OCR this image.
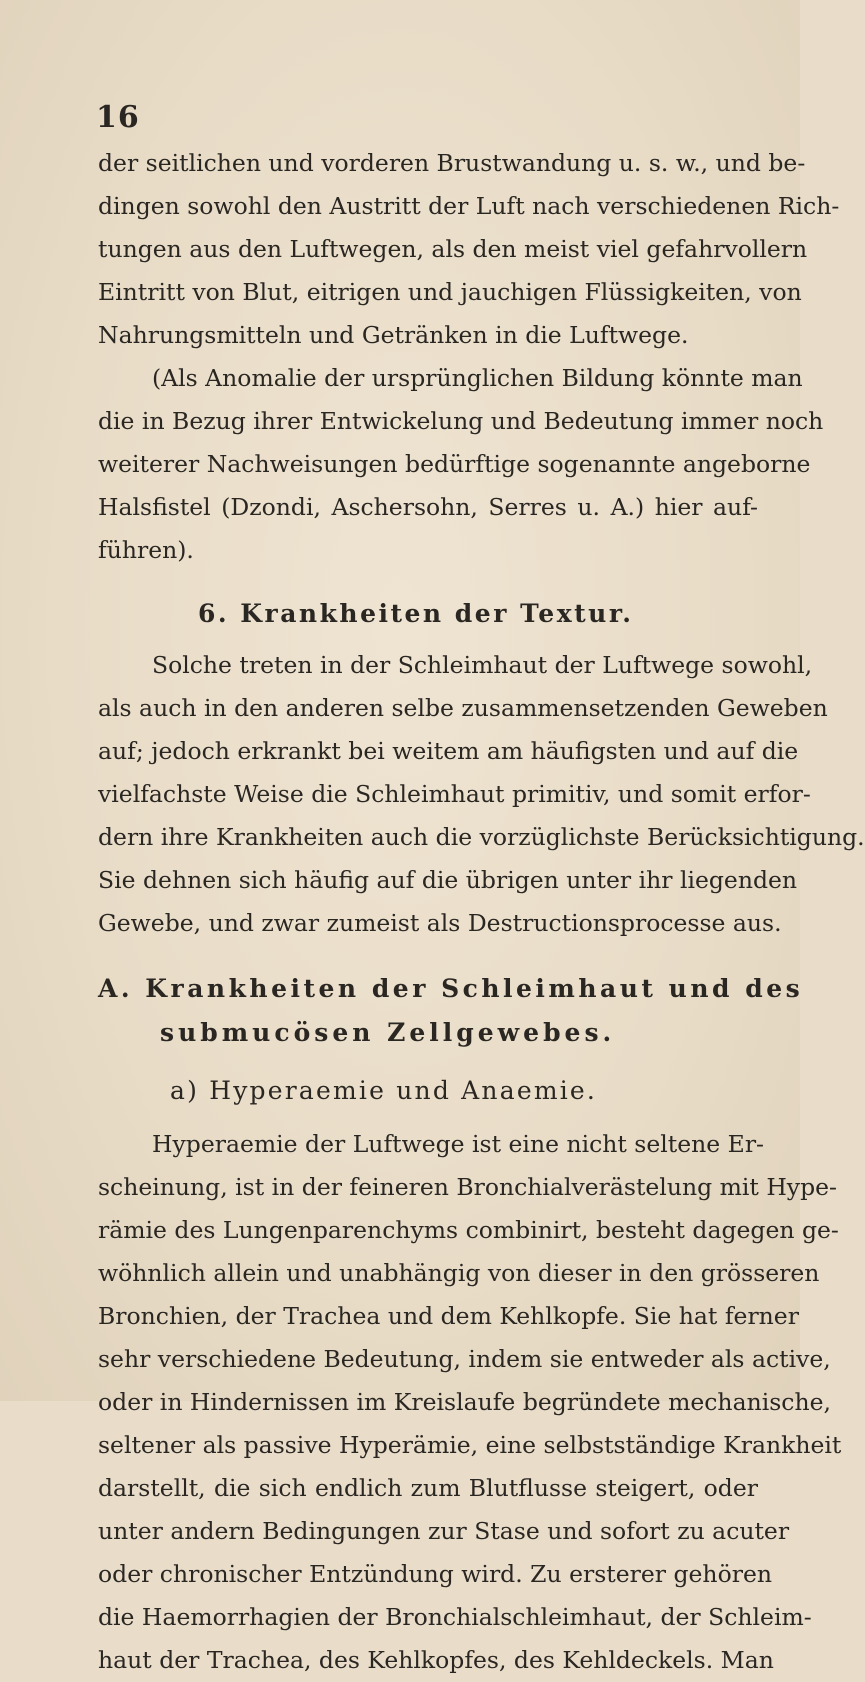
16
der seitlichen und vorderen Brustwandung u. s. w., und be-
dingen sowohl den Austritt der Luft nach verschiedenen Rich-
tungen aus den Luftwegen, als den meist viel gefahrvollern
Eintritt von Blut, eitrigen und jauchigen Flüssigkeiten, von
Nahrungsmitteln und Getränken in die Luftwege.
(Als Anomalie der ursprünglichen Bildung könnte man
die in Bezug ihrer Entwickelung und Bedeutung immer noch
weiterer Nachweisungen bedürftige sogenannte angeborne
Halsfistel (Dzondi, Aschersohn, Serres u. A.) hier auf-
führen).
6. Krankheiten der Textur.
Solche treten in der Schleimhaut der Luftwege sowohl,
als auch in den anderen selbe zusammensetzenden Geweben
auf; jedoch erkrankt bei weitem am häufigsten und auf die
vielfachste Weise die Schleimhaut primitiv, und somit erfor-
dern ihre Krankheiten auch die vorzüglichste Berücksichtigung.
Sie dehnen sich häufig auf die übrigen unter ihr liegenden
Gewebe, und zwar zumeist als Destructionsprocesse aus.
A. Krankheiten der Schleimhaut und des
submucösen Zellgewebes.
a) Hyperaemie und Anaemie.
Hyperaemie der Luftwege ist eine nicht seltene Er-
scheinung, ist in der feineren Bronchialverästelung mit Hype-
rämie des Lungenparenchyms combinirt, besteht dagegen ge-
wöhnlich allein und unabhängig von dieser in den grösseren
Bronchien, der Trachea und dem Kehlkopfe. Sie hat ferner
sehr verschiedene Bedeutung, indem sie entweder als active,
oder in Hindernissen im Kreislaufe begründete mechanische,
seltener als passive Hyperämie, eine selbstständige Krankheit
darstellt, die sich endlich zum Blutflusse steigert, oder
unter andern Bedingungen zur Stase und sofort zu acuter
oder chronischer Entzündung wird. Zu ersterer gehören
die Haemorrhagien der Bronchialschleimhaut, der Schleim-
haut der Trachea, des Kehlkopfes, des Kehldeckels. Man
